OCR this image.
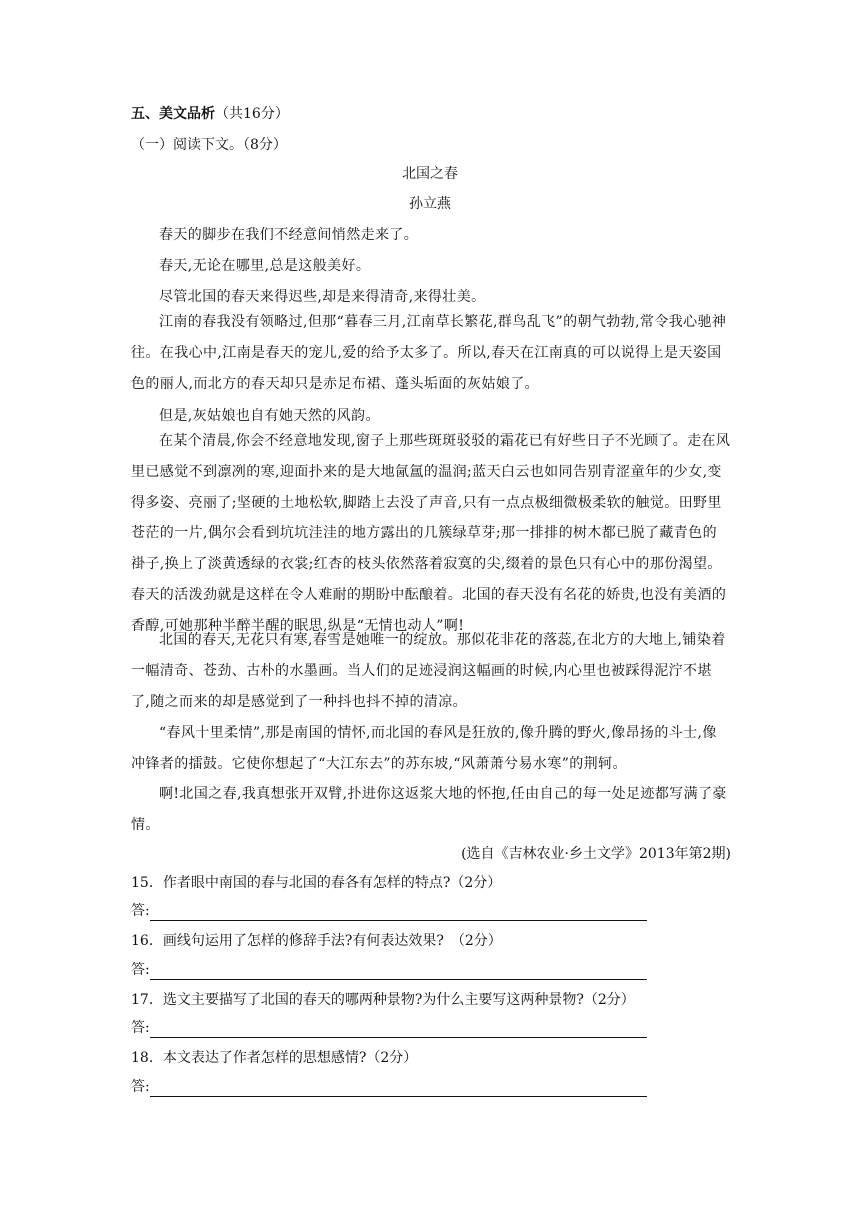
五、美文品析（共16分）
（一）阅读下文。（8分）
北国之春
孙立燕
春天的脚步在我们不经意间悄然走来了。
春天,无论在哪里,总是这般美好。
尽管北国的春天来得迟些,却是来得清奇,来得壮美。
江南的春我没有领略过,但那“暮春三月,江南草长繁花,群鸟乱飞”的朝气勃勃,常令我心驰神往。在我心中,江南是春天的宠儿,爱的给予太多了。所以,春天在江南真的可以说得上是天姿国色的丽人,而北方的春天却只是赤足布裙、蓬头垢面的灰姑娘了。
但是,灰姑娘也自有她天然的风韵。
在某个清晨,你会不经意地发现,窗子上那些斑斑驳驳的霜花已有好些日子不光顾了。走在风里已感觉不到凛冽的寒,迎面扑来的是大地氤氲的温润;蓝天白云也如同告别青涩童年的少女,变得多姿、亮丽了;坚硬的土地松软,脚踏上去没了声音,只有一点点极细微极柔软的触觉。田野里苍茫的一片,偶尔会看到坑坑洼洼的地方露出的几簇绿草芽;那一排排的树木都已脱了藏青色的褂子,换上了淡黄透绿的衣裳;红杏的枝头依然落着寂寞的尖,缀着的景色只有心中的那份渴望。春天的活泼劲就是这样在令人难耐的期盼中酝酿着。北国的春天没有名花的娇贵,也没有美酒的香醇,可她那种半醉半醒的眠思,纵是“无情也动人”啊!
北国的春天,无花只有寒,春雪是她唯一的绽放。那似花非花的落蕊,在北方的大地上,铺染着一幅清奇、苍劲、古朴的水墨画。当人们的足迹浸润这幅画的时候,内心里也被踩得泥泞不堪了,随之而来的却是感觉到了一种抖也抖不掉的清凉。
“春风十里柔情”,那是南国的情怀,而北国的春风是狂放的,像升腾的野火,像昂扬的斗士,像冲锋者的擂鼓。它使你想起了“大江东去”的苏东坡,“风萧萧兮易水寒”的荆轲。
啊!北国之春,我真想张开双臂,扑进你这返浆大地的怀抱,任由自己的每一处足迹都写满了豪情。
(选自《吉林农业·乡土文学》2013年第2期)
15．作者眼中南国的春与北国的春各有怎样的特点?（2分）
答:
16．画线句运用了怎样的修辞手法?有何表达效果?　（2分）
答:
17．选文主要描写了北国的春天的哪两种景物?为什么主要写这两种景物?（2分）
答:
18．本文表达了作者怎样的思想感情?（2分）
答:
